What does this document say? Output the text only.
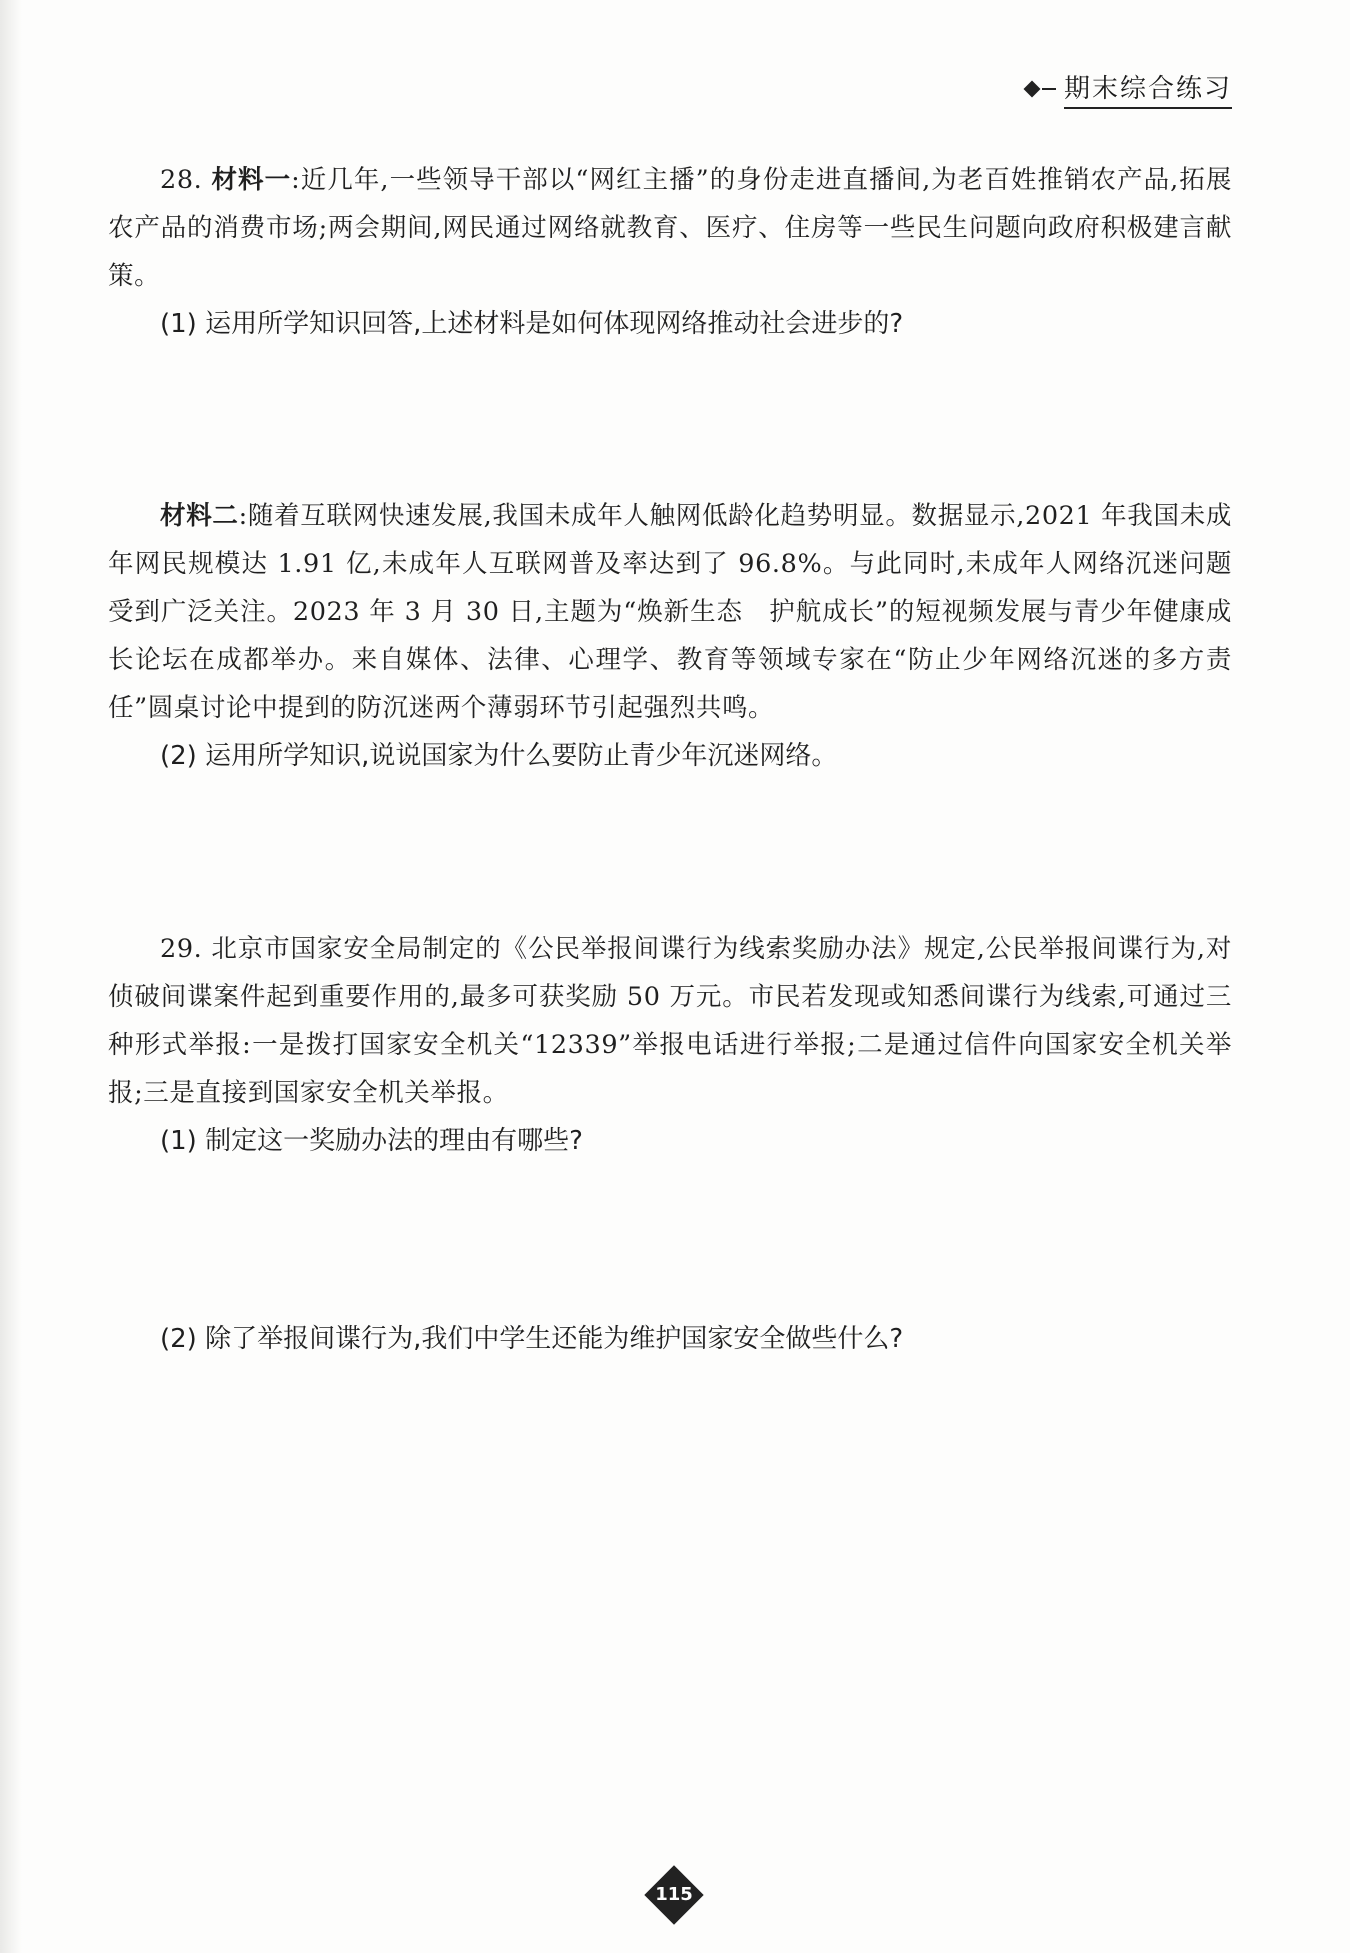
期末综合练习

28. 材料一:近几年,一些领导干部以“网红主播”的身份走进直播间,为老百姓推销农产品,拓展农产品的消费市场;两会期间,网民通过网络就教育、医疗、住房等一些民生问题向政府积极建言献策。

(1) 运用所学知识回答,上述材料是如何体现网络推动社会进步的?

材料二:随着互联网快速发展,我国未成年人触网低龄化趋势明显。数据显示,2021 年我国未成年网民规模达 1.91 亿,未成年人互联网普及率达到了 96.8%。与此同时,未成年人网络沉迷问题受到广泛关注。2023 年 3 月 30 日,主题为“焕新生态　护航成长”的短视频发展与青少年健康成长论坛在成都举办。来自媒体、法律、心理学、教育等领域专家在“防止少年网络沉迷的多方责任”圆桌讨论中提到的防沉迷两个薄弱环节引起强烈共鸣。

(2) 运用所学知识,说说国家为什么要防止青少年沉迷网络。

29. 北京市国家安全局制定的《公民举报间谍行为线索奖励办法》规定,公民举报间谍行为,对侦破间谍案件起到重要作用的,最多可获奖励 50 万元。市民若发现或知悉间谍行为线索,可通过三种形式举报:一是拨打国家安全机关“12339”举报电话进行举报;二是通过信件向国家安全机关举报;三是直接到国家安全机关举报。

(1) 制定这一奖励办法的理由有哪些?

(2) 除了举报间谍行为,我们中学生还能为维护国家安全做些什么?

115
